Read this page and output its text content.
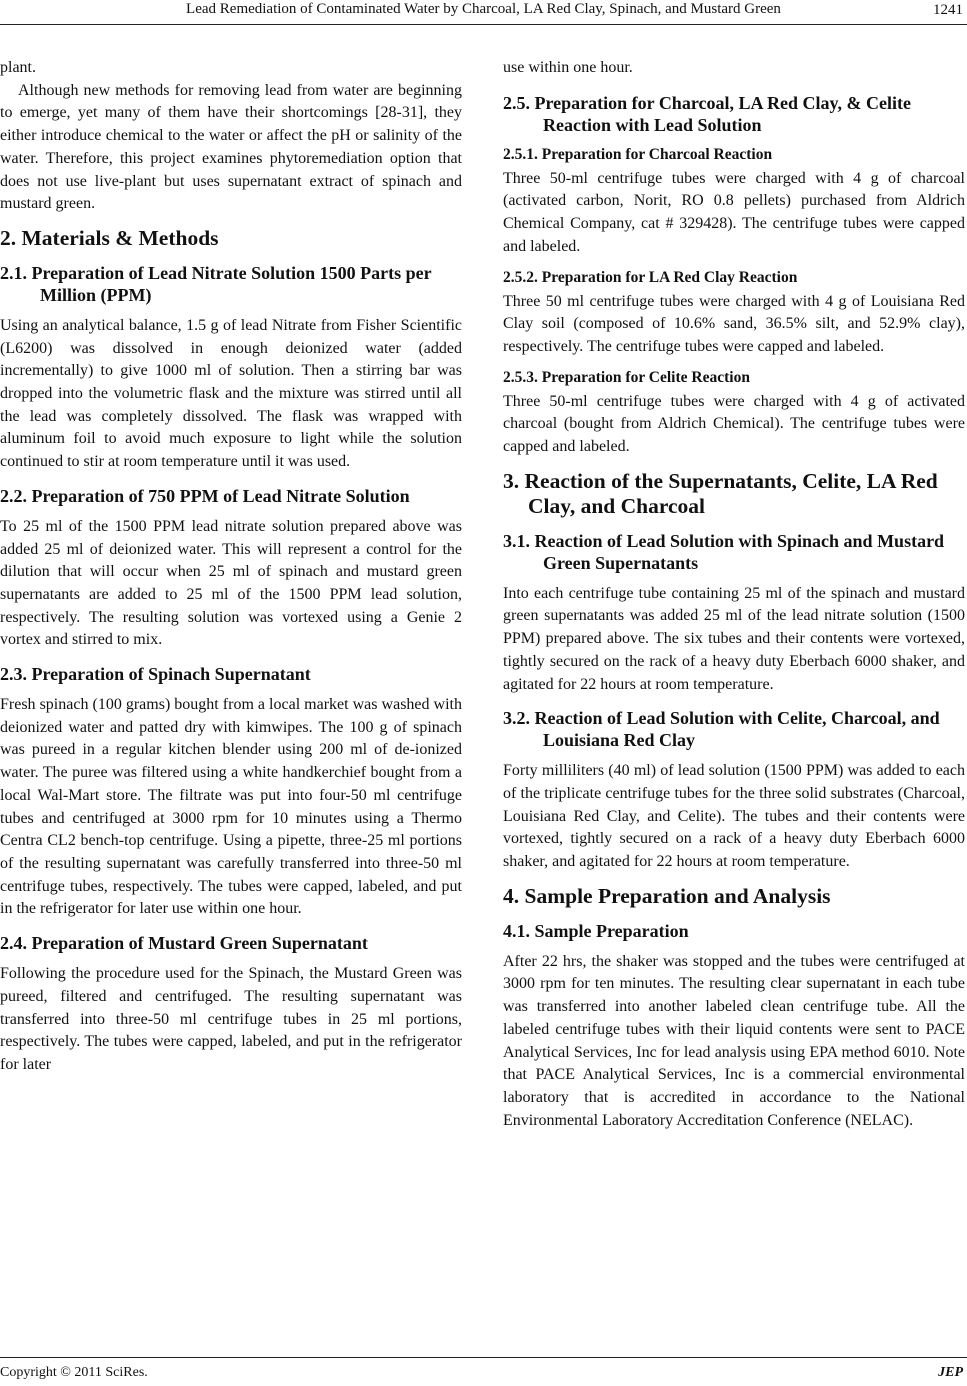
Lead Remediation of Contaminated Water by Charcoal, LA Red Clay, Spinach, and Mustard Green	1241

plant.

Although new methods for removing lead from water are beginning to emerge, yet many of them have their shortcomings [28-31], they either introduce chemical to the water or affect the pH or salinity of the water. Therefore, this project examines phytoremediation option that does not use live-plant but uses supernatant extract of spinach and mustard green.

2. Materials & Methods
2.1. Preparation of Lead Nitrate Solution 1500 Parts per Million (PPM)

Using an analytical balance, 1.5 g of lead Nitrate from Fisher Scientific (L6200) was dissolved in enough deionized water (added incrementally) to give 1000 ml of solution. Then a stirring bar was dropped into the volumetric flask and the mixture was stirred until all the lead was completely dissolved. The flask was wrapped with aluminum foil to avoid much exposure to light while the solution continued to stir at room temperature until it was used.

2.2. Preparation of 750 PPM of Lead Nitrate Solution

To 25 ml of the 1500 PPM lead nitrate solution prepared above was added 25 ml of deionized water. This will represent a control for the dilution that will occur when 25 ml of spinach and mustard green supernatants are added to 25 ml of the 1500 PPM lead solution, respectively. The resulting solution was vortexed using a Genie 2 vortex and stirred to mix.

2.3. Preparation of Spinach Supernatant

Fresh spinach (100 grams) bought from a local market was washed with deionized water and patted dry with kimwipes. The 100 g of spinach was pureed in a regular kitchen blender using 200 ml of de-ionized water. The puree was filtered using a white handkerchief bought from a local Wal-Mart store. The filtrate was put into four-50 ml centrifuge tubes and centrifuged at 3000 rpm for 10 minutes using a Thermo Centra CL2 bench-top centrifuge. Using a pipette, three-25 ml portions of the resulting supernatant was carefully transferred into three-50 ml centrifuge tubes, respectively. The tubes were capped, labeled, and put in the refrigerator for later use within one hour.

2.4. Preparation of Mustard Green Supernatant

Following the procedure used for the Spinach, the Mustard Green was pureed, filtered and centrifuged. The resulting supernatant was transferred into three-50 ml centrifuge tubes in 25 ml portions, respectively. The tubes were capped, labeled, and put in the refrigerator for later

use within one hour.

2.5. Preparation for Charcoal, LA Red Clay, & Celite Reaction with Lead Solution
2.5.1. Preparation for Charcoal Reaction

Three 50-ml centrifuge tubes were charged with 4 g of charcoal (activated carbon, Norit, RO 0.8 pellets) purchased from Aldrich Chemical Company, cat # 329428). The centrifuge tubes were capped and labeled.

2.5.2. Preparation for LA Red Clay Reaction

Three 50 ml centrifuge tubes were charged with 4 g of Louisiana Red Clay soil (composed of 10.6% sand, 36.5% silt, and 52.9% clay), respectively. The centrifuge tubes were capped and labeled.

2.5.3. Preparation for Celite Reaction

Three 50-ml centrifuge tubes were charged with 4 g of activated charcoal (bought from Aldrich Chemical). The centrifuge tubes were capped and labeled.

3. Reaction of the Supernatants, Celite, LA Red Clay, and Charcoal
3.1. Reaction of Lead Solution with Spinach and Mustard Green Supernatants

Into each centrifuge tube containing 25 ml of the spinach and mustard green supernatants was added 25 ml of the lead nitrate solution (1500 PPM) prepared above. The six tubes and their contents were vortexed, tightly secured on the rack of a heavy duty Eberbach 6000 shaker, and agitated for 22 hours at room temperature.

3.2. Reaction of Lead Solution with Celite, Charcoal, and Louisiana Red Clay

Forty milliliters (40 ml) of lead solution (1500 PPM) was added to each of the triplicate centrifuge tubes for the three solid substrates (Charcoal, Louisiana Red Clay, and Celite). The tubes and their contents were vortexed, tightly secured on a rack of a heavy duty Eberbach 6000 shaker, and agitated for 22 hours at room temperature.

4. Sample Preparation and Analysis
4.1. Sample Preparation

After 22 hrs, the shaker was stopped and the tubes were centrifuged at 3000 rpm for ten minutes. The resulting clear supernatant in each tube was transferred into another labeled clean centrifuge tube. All the labeled centrifuge tubes with their liquid contents were sent to PACE Analytical Services, Inc for lead analysis using EPA method 6010. Note that PACE Analytical Services, Inc is a commercial environmental laboratory that is accredited in accordance to the National Environmental Laboratory Accreditation Conference (NELAC).

Copyright © 2011 SciRes.	JEP
